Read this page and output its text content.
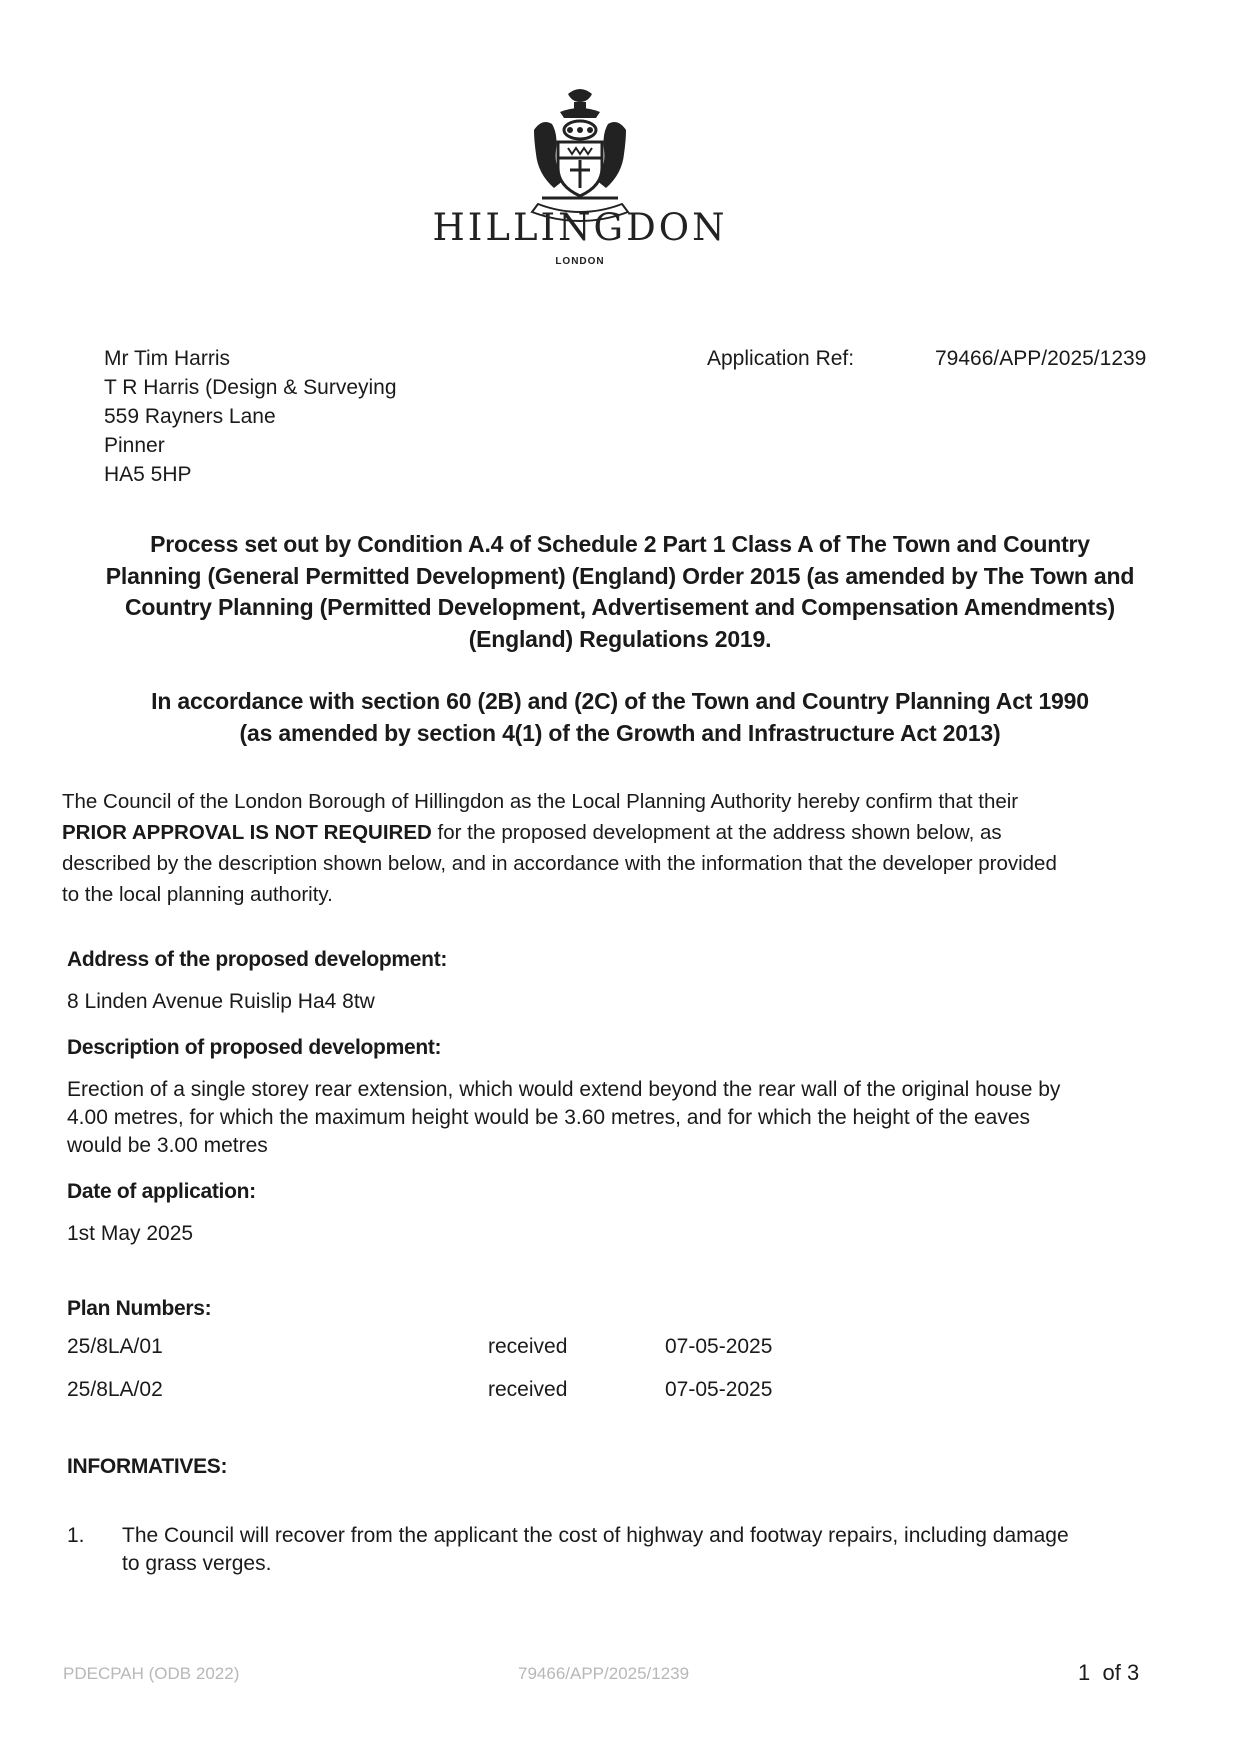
HILLINGDON
LONDON
Mr Tim Harris
T R Harris (Design & Surveying
559 Rayners Lane
Pinner
HA5 5HP
Application Ref:	79466/APP/2025/1239
Process set out by Condition A.4 of Schedule 2 Part 1 Class A of The Town and Country
Planning (General Permitted Development) (England) Order 2015 (as amended by The Town and
Country Planning (Permitted Development, Advertisement and Compensation Amendments)
(England) Regulations 2019.
In accordance with section 60 (2B) and (2C) of the Town and Country Planning Act 1990
(as amended by section 4(1) of the Growth and Infrastructure Act 2013)
The Council of the London Borough of Hillingdon as the Local Planning Authority hereby confirm that their
PRIOR APPROVAL IS NOT REQUIRED for the proposed development at the address shown below, as
described by the description shown below, and in accordance with the information that the developer provided
to the local planning authority.
Address of the proposed development:
8 Linden Avenue Ruislip Ha4 8tw
Description of proposed development:
Erection of a single storey rear extension, which would extend beyond the rear wall of the original house by
4.00 metres, for which the maximum height would be 3.60 metres, and for which the height of the eaves
would be 3.00 metres
Date of application:
1st May 2025
Plan Numbers:
25/8LA/01	received	07-05-2025
25/8LA/02	received	07-05-2025
INFORMATIVES:
1. The Council will recover from the applicant the cost of highway and footway repairs, including damage
to grass verges.
PDECPAH (ODB 2022)	79466/APP/2025/1239	1 of 3
